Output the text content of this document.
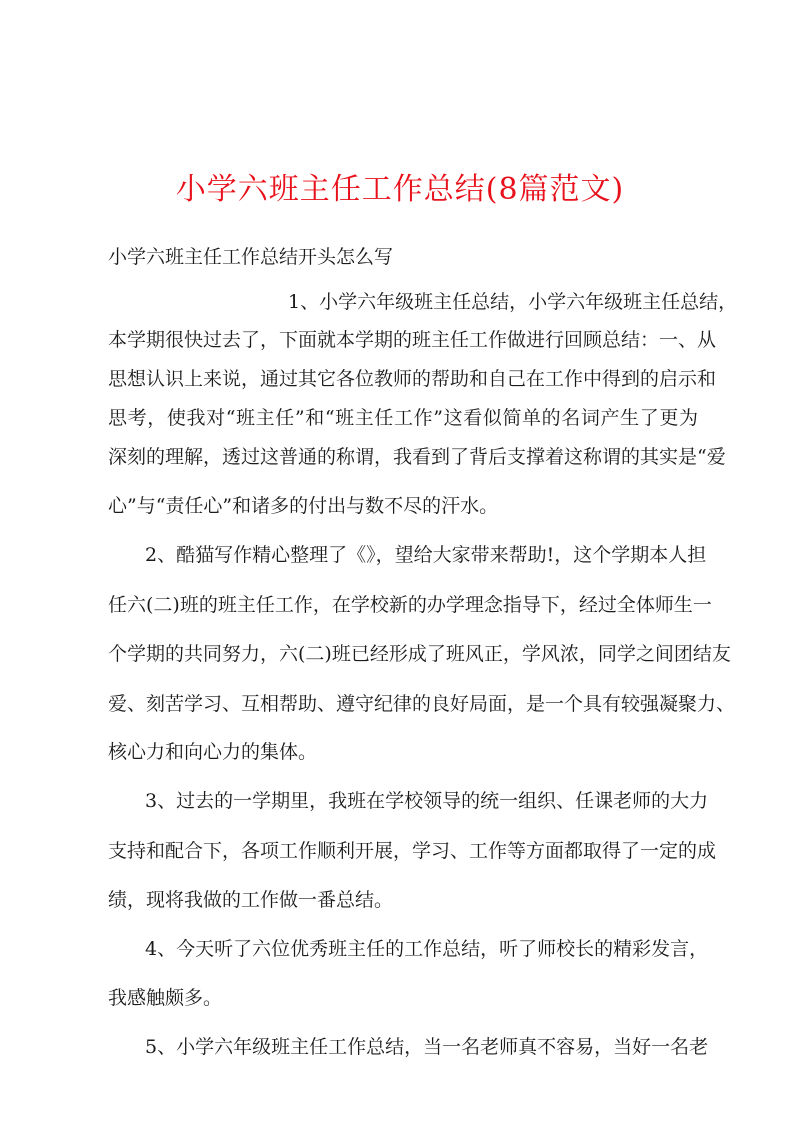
小学六班主任工作总结(8篇范文)
小学六班主任工作总结开头怎么写
1、小学六年级班主任总结，小学六年级班主任总结，
本学期很快过去了，下面就本学期的班主任工作做进行回顾总结：一、从
思想认识上来说，通过其它各位教师的帮助和自己在工作中得到的启示和
思考，使我对“班主任”和“班主任工作”这看似简单的名词产生了更为
深刻的理解，透过这普通的称谓，我看到了背后支撑着这称谓的其实是“爱
心”与“责任心”和诸多的付出与数不尽的汗水。
2、酷猫写作精心整理了《》，望给大家带来帮助!，这个学期本人担
任六(二)班的班主任工作，在学校新的办学理念指导下，经过全体师生一
个学期的共同努力，六(二)班已经形成了班风正，学风浓，同学之间团结友
爱、刻苦学习、互相帮助、遵守纪律的良好局面，是一个具有较强凝聚力、
核心力和向心力的集体。
3、过去的一学期里，我班在学校领导的统一组织、任课老师的大力
支持和配合下，各项工作顺利开展，学习、工作等方面都取得了一定的成
绩，现将我做的工作做一番总结。
4、今天听了六位优秀班主任的工作总结，听了师校长的精彩发言，
我感触颇多。
5、小学六年级班主任工作总结，当一名老师真不容易，当好一名老
